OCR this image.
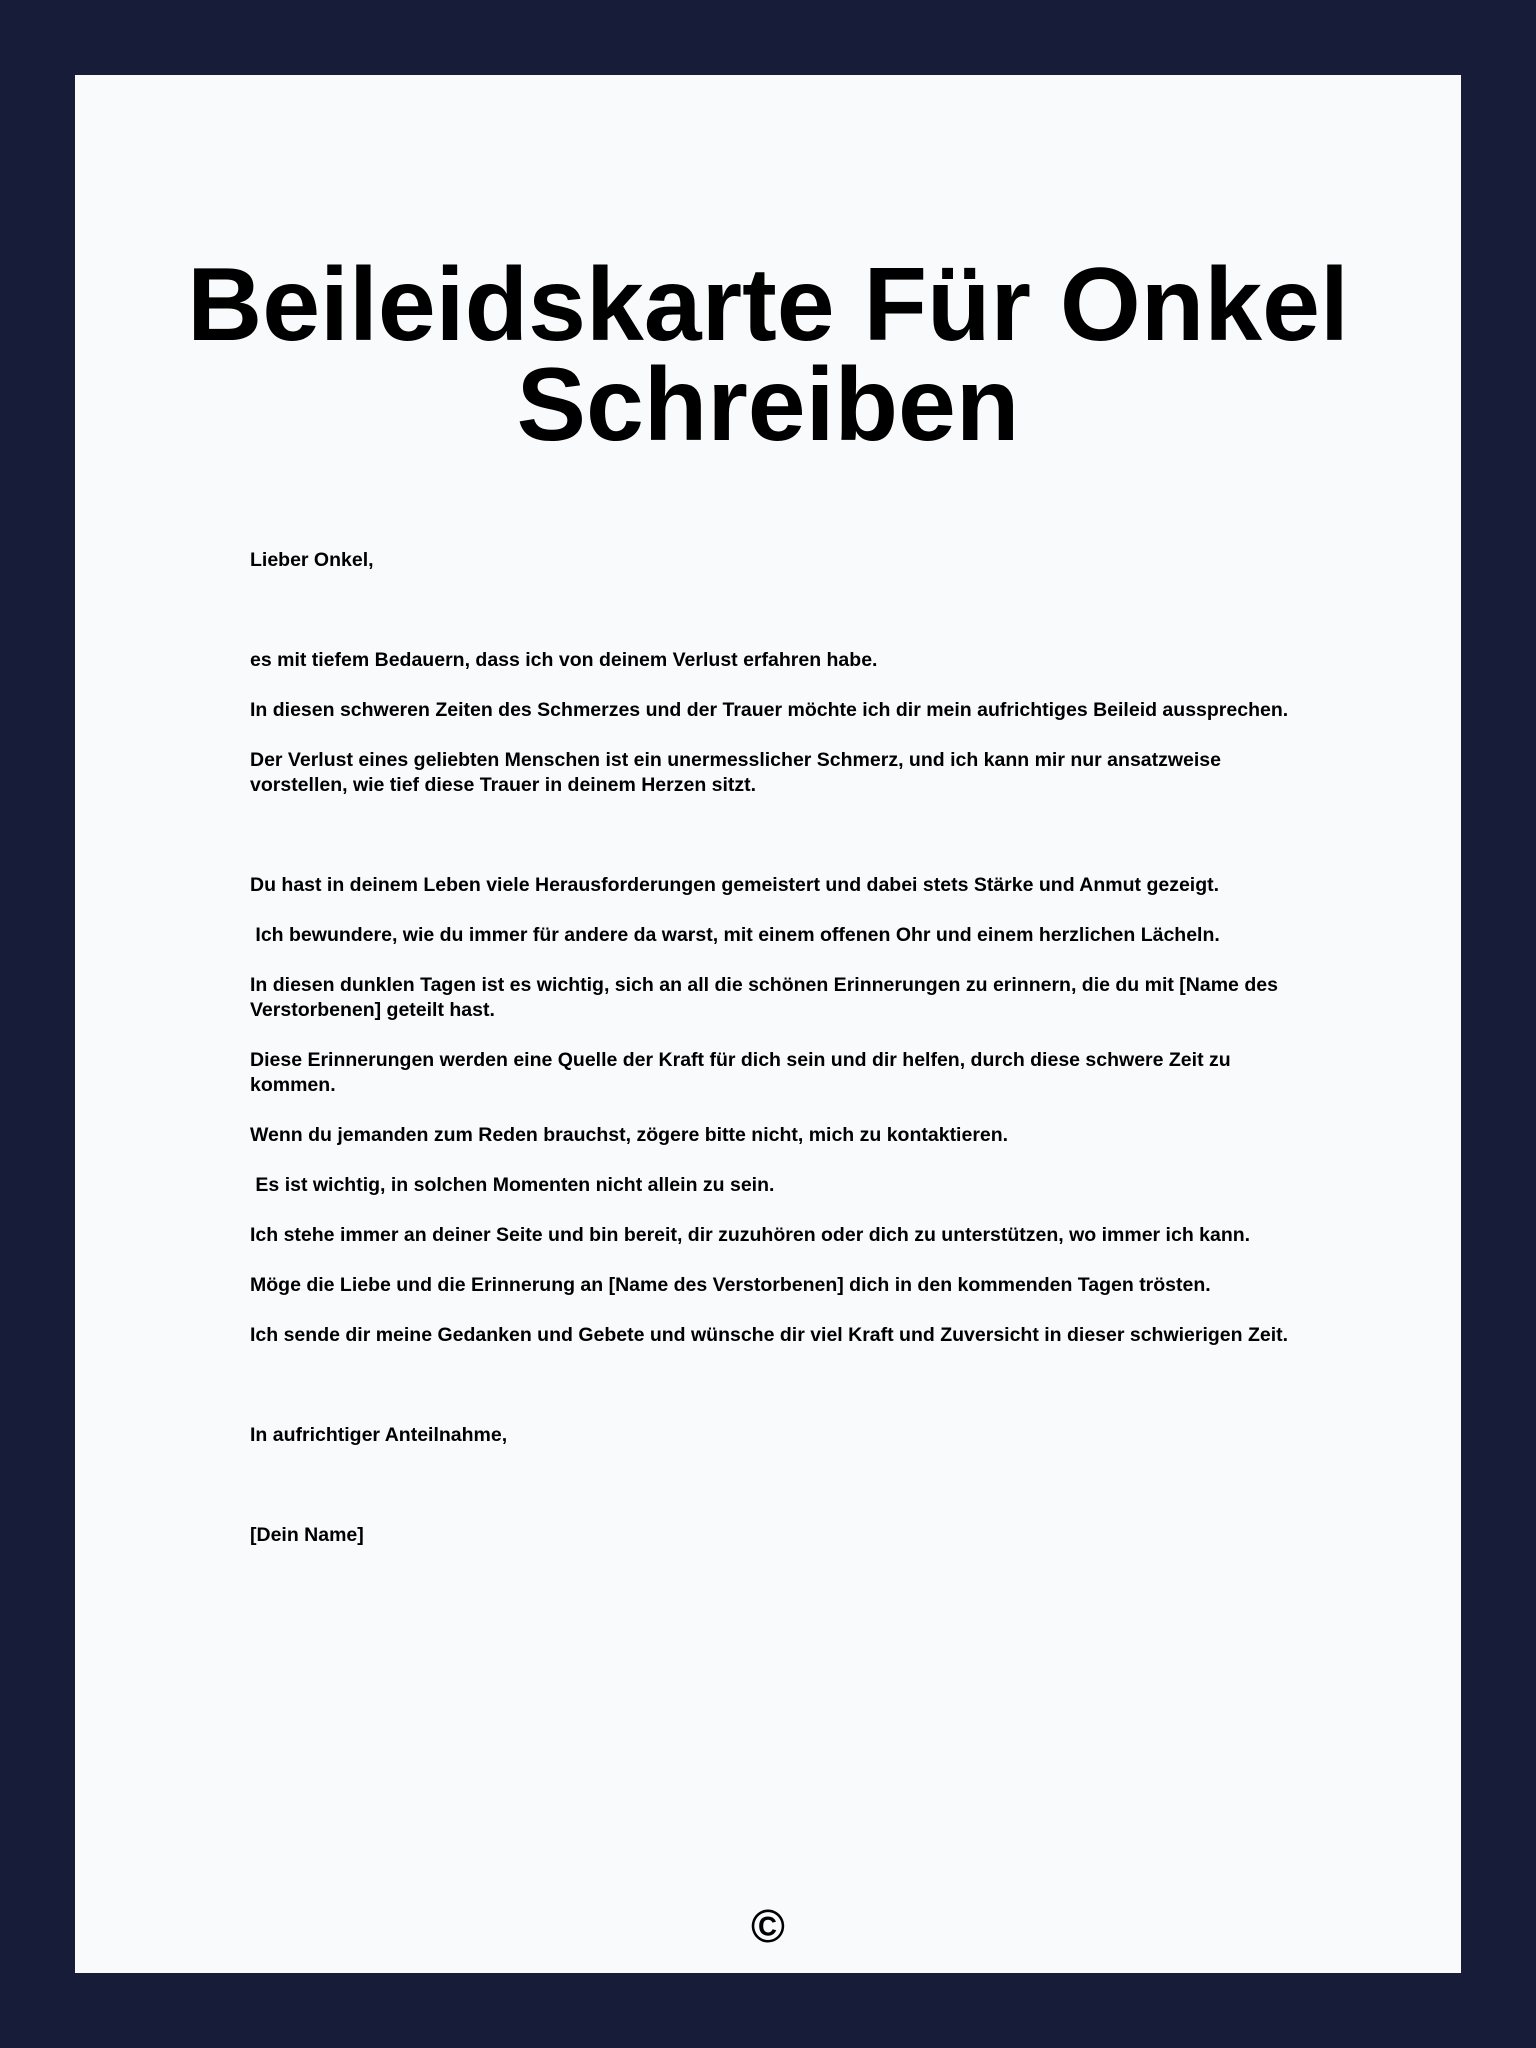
Beileidskarte Für Onkel
Schreiben

Lieber Onkel,

es mit tiefem Bedauern, dass ich von deinem Verlust erfahren habe.

In diesen schweren Zeiten des Schmerzes und der Trauer möchte ich dir mein aufrichtiges Beileid aussprechen.

Der Verlust eines geliebten Menschen ist ein unermesslicher Schmerz, und ich kann mir nur ansatzweise vorstellen, wie tief diese Trauer in deinem Herzen sitzt.

Du hast in deinem Leben viele Herausforderungen gemeistert und dabei stets Stärke und Anmut gezeigt.

Ich bewundere, wie du immer für andere da warst, mit einem offenen Ohr und einem herzlichen Lächeln.

In diesen dunklen Tagen ist es wichtig, sich an all die schönen Erinnerungen zu erinnern, die du mit [Name des Verstorbenen] geteilt hast.

Diese Erinnerungen werden eine Quelle der Kraft für dich sein und dir helfen, durch diese schwere Zeit zu kommen.

Wenn du jemanden zum Reden brauchst, zögere bitte nicht, mich zu kontaktieren.

Es ist wichtig, in solchen Momenten nicht allein zu sein.

Ich stehe immer an deiner Seite und bin bereit, dir zuzuhören oder dich zu unterstützen, wo immer ich kann.

Möge die Liebe und die Erinnerung an [Name des Verstorbenen] dich in den kommenden Tagen trösten.

Ich sende dir meine Gedanken und Gebete und wünsche dir viel Kraft und Zuversicht in dieser schwierigen Zeit.

In aufrichtiger Anteilnahme,

[Dein Name]

©
